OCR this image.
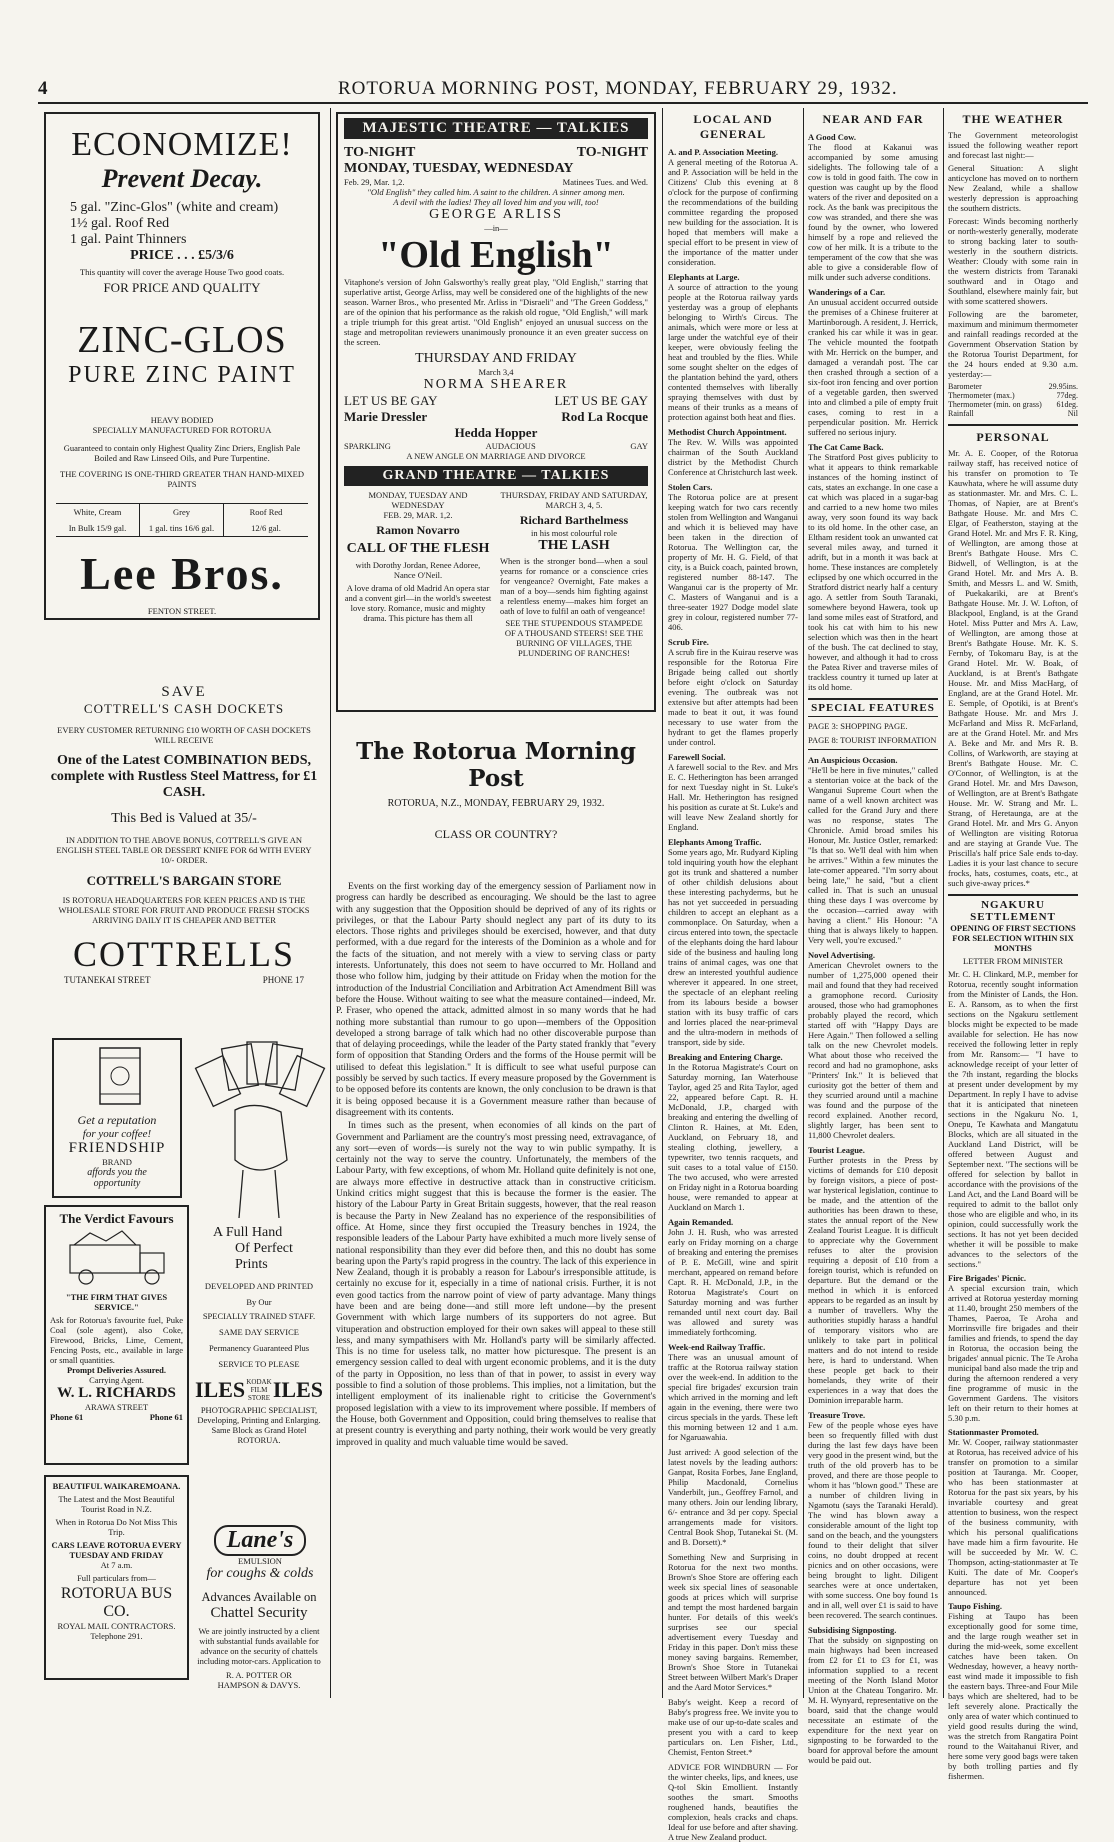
4	ROTORUA MORNING POST, MONDAY, FEBRUARY 29, 1932.
ECONOMIZE!
Prevent Decay.
5 gal. "Zinc-Glos" (white and cream)
1½ gal. Roof Red
1 gal. Paint Thinners
PRICE . . . £5/3/6
This quantity will cover the average House Two good coats.
FOR PRICE AND QUALITY
ZINC-GLOS
PURE ZINC PAINT
HEAVY BODIED
SPECIALLY MANUFACTURED FOR ROTORUA
Guaranteed to contain only Highest Quality Zinc Driers, English Pale Boiled and Raw Linseed Oils, and Pure Turpentine.
THE COVERING IS ONE-THIRD GREATER THAN HAND-MIXED PAINTS
White, Cream	Grey	Roof Red
In Bulk 15/9 gal.	1 gal. tins 16/6 gal.	12/6 gal.
Lee Bros.
FENTON STREET.
SAVE
COTTRELL'S CASH DOCKETS
EVERY CUSTOMER RETURNING £10 WORTH OF CASH DOCKETS WILL RECEIVE
One of the Latest COMBINATION BEDS, complete with Rustless Steel Mattress, for £1 CASH.
This Bed is Valued at 35/-
IN ADDITION TO THE ABOVE BONUS, COTTRELL'S GIVE AN ENGLISH STEEL TABLE OR DESSERT KNIFE FOR 6d WITH EVERY 10/- ORDER.
COTTRELL'S BARGAIN STORE
IS ROTORUA HEADQUARTERS FOR KEEN PRICES AND IS THE WHOLESALE STORE FOR FRUIT AND PRODUCE FRESH STOCKS ARRIVING DAILY IT IS CHEAPER AND BETTER
COTTRELLS
TUTANEKAI STREET	PHONE 17
Get a reputation
for your coffee!
FRIENDSHIP
BRAND
affords you the
opportunity
A Full Hand
Of Perfect Prints
DEVELOPED AND PRINTED
By Our
SPECIALLY TRAINED STAFF.
SAME DAY SERVICE
Permanency Guaranteed Plus
SERVICE TO PLEASE
ILES KODAK FILM STORE ILES
PHOTOGRAPHIC SPECIALIST,
Developing, Printing and Enlarging.
Same Block as Grand Hotel
ROTORUA.
The Verdict Favours
"THE FIRM THAT GIVES SERVICE."
Ask for Rotorua's favourite fuel, Puke Coal (sole agent), also Coke, Firewood, Bricks, Lime, Cement, Fencing Posts, etc., available in large or small quantities.
Prompt Deliveries Assured.
Carrying Agent.
W. L. RICHARDS
ARAWA STREET
Phone 61	Phone 61
BEAUTIFUL WAIKAREMOANA.
The Latest and the Most Beautiful Tourist Road in N.Z.
When in Rotorua Do Not Miss This Trip.
CARS LEAVE ROTORUA EVERY TUESDAY AND FRIDAY
At 7 a.m.
Full particulars from—
ROTORUA BUS CO.
ROYAL MAIL CONTRACTORS.
Telephone 291.
Lane's
EMULSION
for coughs & colds
Advances Available on
Chattel Security
We are jointly instructed by a client with substantial funds available for advance on the security of chattels including motor-cars. Application to
R. A. POTTER OR
HAMPSON & DAVYS.
MAJESTIC THEATRE — TALKIES
TO-NIGHT	TO-NIGHT
MONDAY, TUESDAY, WEDNESDAY
Feb. 29, Mar. 1,2.	Matinees Tues. and Wed.
"Old English" they called him. A saint to the children. A sinner among men. A devil with the ladies! They all loved him and you will, too!
GEORGE ARLISS
—in—
"Old English"
Vitaphone's version of John Galsworthy's really great play, "Old English," starring that superlative artist, George Arliss, may well be considered one of the highlights of the new season. Warner Bros., who presented Mr. Arliss in "Disraeli" and "The Green Goddess," are of the opinion that his performance as the rakish old rogue, "Old English," will mark a triple triumph for this great artist. "Old English" enjoyed an unusual success on the stage and metropolitan reviewers unanimously pronounce it an even greater success on the screen.
THURSDAY AND FRIDAY
March 3,4
NORMA SHEARER
LET US BE GAY	LET US BE GAY
Marie Dressler	Rod La Rocque
Hedda Hopper
SPARKLING	AUDACIOUS	GAY
A NEW ANGLE ON MARRIAGE AND DIVORCE
GRAND THEATRE — TALKIES
MONDAY, TUESDAY AND WEDNESDAY
FEB. 29, MAR. 1,2.
Ramon Novarro
CALL OF THE FLESH
with Dorothy Jordan, Renee Adoree, Nance O'Neil.
A love drama of old Madrid An opera star and a convent girl—in the world's sweetest love story. Romance, music and mighty drama. This picture has them all
THURSDAY, FRIDAY AND SATURDAY,
MARCH 3, 4, 5.
Richard Barthelmess
in his most colourful role
THE LASH
When is the stronger bond—when a soul yearns for romance or a conscience cries for vengeance? Overnight, Fate makes a man of a boy—sends him fighting against a relentless enemy—makes him forget an oath of love to fulfil an oath of vengeance!
SEE THE STUPENDOUS STAMPEDE OF A THOUSAND STEERS! SEE THE BURNING OF VILLAGES, THE PLUNDERING OF RANCHES!
The Rotorua Morning Post
ROTORUA, N.Z., MONDAY, FEBRUARY 29, 1932.
CLASS OR COUNTRY?

Events on the first working day of the emergency session of Parliament now in progress can hardly be described as encouraging. We should be the last to agree with any suggestion that the Opposition should be deprived of any of its rights or privileges, or that the Labour Party should neglect any part of its duty to its electors. Those rights and privileges should be exercised, however, and that duty performed, with a due regard for the interests of the Dominion as a whole and for the facts of the situation, and not merely with a view to serving class or party interests. Unfortunately, this does not seem to have occurred to Mr. Holland and those who follow him, judging by their attitude on Friday when the motion for the introduction of the Industrial Conciliation and Arbitration Act Amendment Bill was before the House. Without waiting to see what the measure contained—indeed, Mr. P. Fraser, who opened the attack, admitted almost in so many words that he had nothing more substantial than rumour to go upon—members of the Opposition developed a strong barrage of talk which had no other discoverable purpose than that of delaying proceedings, while the leader of the Party stated frankly that "every form of opposition that Standing Orders and the forms of the House permit will be utilised to defeat this legislation." It is difficult to see what useful purpose can possibly be served by such tactics. If every measure proposed by the Government is to be opposed before its contents are known, the only conclusion to be drawn is that it is being opposed because it is a Government measure rather than because of disagreement with its contents.

In times such as the present, when economies of all kinds on the part of Government and Parliament are the country's most pressing need, extravagance, of any sort—even of words—is surely not the way to win public sympathy. It is certainly not the way to serve the country. Unfortunately, the members of the Labour Party, with few exceptions, of whom Mr. Holland quite definitely is not one, are always more effective in destructive attack than in constructive criticism. Unkind critics might suggest that this is because the former is the easier. The history of the Labour Party in Great Britain suggests, however, that the real reason is because the Party in New Zealand has no experience of the responsibilities of office. At Home, since they first occupied the Treasury benches in 1924, the responsible leaders of the Labour Party have exhibited a much more lively sense of national responsibility than they ever did before then, and this no doubt has some bearing upon the Party's rapid progress in the country. The lack of this experience in New Zealand, though it is probably a reason for Labour's irresponsible attitude, is certainly no excuse for it, especially in a time of national crisis. Further, it is not even good tactics from the narrow point of view of party advantage. Many things have been and are being done—and still more left undone—by the present Government with which large numbers of its supporters do not agree. But vituperation and obstruction employed for their own sakes will appeal to these still less, and many sympathisers with Mr. Holland's party will be similarly affected. This is no time for useless talk, no matter how picturesque. The present is an emergency session called to deal with urgent economic problems, and it is the duty of the party in Opposition, no less than of that in power, to assist in every way possible to find a solution of those problems. This implies, not a limitation, but the intelligent employment of its inalienable right to criticise the Government's proposed legislation with a view to its improvement where possible. If members of the House, both Government and Opposition, could bring themselves to realise that at present country is everything and party nothing, their work would be very greatly improved in quality and much valuable time would be saved.

LOCAL AND GENERAL
A. and P. Association Meeting.
A general meeting of the Rotorua A. and P. Association will be held in the Citizens' Club this evening at 8 o'clock for the purpose of confirming the recommendations of the building committee regarding the proposed new building for the association. It is hoped that members will make a special effort to be present in view of the importance of the matter under consideration.
Elephants at Large.
A source of attraction to the young people at the Rotorua railway yards yesterday was a group of elephants belonging to Wirth's Circus. The animals, which were more or less at large under the watchful eye of their keeper, were obviously feeling the heat and troubled by the flies. While some sought shelter on the edges of the plantation behind the yard, others contented themselves with liberally spraying themselves with dust by means of their trunks as a means of protection against both heat and flies.
Methodist Church Appointment.
The Rev. W. Wills was appointed chairman of the South Auckland district by the Methodist Church Conference at Christchurch last week.
Stolen Cars.
The Rotorua police are at present keeping watch for two cars recently stolen from Wellington and Wanganui and which it is believed may have been taken in the direction of Rotorua. The Wellington car, the property of Mr. H. G. Field, of that city, is a Buick coach, painted brown, registered number 88-147. The Wanganui car is the property of Mr. C. Masters of Wanganui and is a three-seater 1927 Dodge model slate grey in colour, registered number 77-406.
Scrub Fire.
A scrub fire in the Kuirau reserve was responsible for the Rotorua Fire Brigade being called out shortly before eight o'clock on Saturday evening. The outbreak was not extensive but after attempts had been made to beat it out, it was found necessary to use water from the hydrant to get the flames properly under control.
Farewell Social.
A farewell social to the Rev. and Mrs E. C. Hetherington has been arranged for next Tuesday night in St. Luke's Hall. Mr. Hetherington has resigned his position as curate at St. Luke's and will leave New Zealand shortly for England.
Elephants Among Traffic.
Some years ago, Mr. Rudyard Kipling told inquiring youth how the elephant got its trunk and shattered a number of other childish delusions about these interesting pachyderms, but he has not yet succeeded in persuading children to accept an elephant as a commonplace. On Saturday, when a circus entered into town, the spectacle of the elephants doing the hard labour side of the business and hauling long trains of animal cages, was one that drew an interested youthful audience wherever it appeared. In one street, the spectacle of an elephant reeling from its labours beside a bowser station with its busy traffic of cars and lorries placed the near-primeval and the ultra-modern in methods of transport, side by side.
Breaking and Entering Charge.
In the Rotorua Magistrate's Court on Saturday morning, Ian Waterhouse Taylor, aged 25 and Rita Taylor, aged 22, appeared before Capt. R. H. McDonald, J.P., charged with breaking and entering the dwelling of Clinton R. Haines, at Mt. Eden, Auckland, on February 18, and stealing clothing, jewellery, a typewriter, two tennis racquets, and suit cases to a total value of £150. The two accused, who were arrested on Friday night in a Rotorua boarding house, were remanded to appear at Auckland on March 1.
Again Remanded.
John J. H. Rush, who was arrested early on Friday morning on a charge of breaking and entering the premises of P. E. McGill, wine and spirit merchant, appeared on remand before Capt. R. H. McDonald, J.P., in the Rotorua Magistrate's Court on Saturday morning and was further remanded until next court day. Bail was allowed and surety was immediately forthcoming.
Week-end Railway Traffic.
There was an unusual amount of traffic at the Rotorua railway station over the week-end. In addition to the special fire brigades' excursion train which arrived in the morning and left again in the evening, there were two circus specials in the yards. These left this morning between 12 and 1 a.m. for Ngaruawahia.
Just arrived: A good selection of the latest novels by the leading authors: Ganpat, Rosita Forbes, Jane England, Philip Macdonald, Cornelius Vanderbilt, jun., Geoffrey Farnol, and many others. Join our lending library, 6/- entrance and 3d per copy. Special arrangements made for visitors. Central Book Shop, Tutanekai St. (M. and B. Dorsett).*
Something New and Surprising in Rotorua for the next two months. Brown's Shoe Store are offering each week six special lines of seasonable goods at prices which will surprise and tempt the most hardened bargain hunter. For details of this week's surprises see our special advertisement every Tuesday and Friday in this paper. Don't miss these money saving bargains. Remember, Brown's Shoe Store in Tutanekai Street between Wilbert Mark's Draper and the Aard Motor Services.*
Baby's weight. Keep a record of Baby's progress free. We invite you to make use of our up-to-date scales and present you with a card to keep particulars on. Len Fisher, Ltd., Chemist, Fenton Street.*
ADVICE FOR WINDBURN — For the winter cheeks, lips, and knees, use Q-tol Skin Emollient. Instantly soothes the smart. Smooths roughened hands, beautifies the complexion, heals cracks and chaps. Ideal for use before and after shaving. A true New Zealand product.
NEAR AND FAR
A Good Cow.
The flood at Kakanui was accompanied by some amusing sidelights. The following tale of a cow is told in good faith. The cow in question was caught up by the flood waters of the river and deposited on a rock. As the bank was precipitous the cow was stranded, and there she was found by the owner, who lowered himself by a rope and relieved the cow of her milk. It is a tribute to the temperament of the cow that she was able to give a considerable flow of milk under such adverse conditions.
Wanderings of a Car.
An unusual accident occurred outside the premises of a Chinese fruiterer at Martinborough. A resident, J. Herrick, cranked his car while it was in gear. The vehicle mounted the footpath with Mr. Herrick on the bumper, and damaged a verandah post. The car then crashed through a section of a six-foot iron fencing and over portion of a vegetable garden, then swerved into and climbed a pile of empty fruit cases, coming to rest in a perpendicular position. Mr. Herrick suffered no serious injury.
The Cat Came Back.
The Stratford Post gives publicity to what it appears to think remarkable instances of the homing instinct of cats, states an exchange. In one case a cat which was placed in a sugar-bag and carried to a new home two miles away, very soon found its way back to its old home. In the other case, an Eltham resident took an unwanted cat several miles away, and turned it adrift, but in a month it was back at home. These instances are completely eclipsed by one which occurred in the Stratford district nearly half a century ago. A settler from South Taranaki, somewhere beyond Hawera, took up land some miles east of Stratford, and took his cat with him to his new selection which was then in the heart of the bush. The cat declined to stay, however, and although it had to cross the Patea River and traverse miles of trackless country it turned up later at its old home.
SPECIAL FEATURES
PAGE 3: SHOPPING PAGE.
PAGE 8: TOURIST INFORMATION
An Auspicious Occasion.
"He'll be here in five minutes," called a stentorian voice at the back of the Wanganui Supreme Court when the name of a well known architect was called for the Grand Jury and there was no response, states The Chronicle. Amid broad smiles his Honour, Mr. Justice Ostler, remarked: "Is that so. We'll deal with him when he arrives." Within a few minutes the late-comer appeared. "I'm sorry about being late," he said, "but a client called in. That is such an unusual thing these days I was overcome by the occasion—carried away with having a client." His Honour: "A thing that is always likely to happen. Very well, you're excused."
Novel Advertising.
American Chevrolet owners to the number of 1,275,000 opened their mail and found that they had received a gramophone record. Curiosity aroused, those who had gramophones probably played the record, which started off with "Happy Days are Here Again." Then followed a selling talk on the new Chevrolet models. What about those who received the record and had no gramophone, asks "Printers' Ink." It is believed that curiosity got the better of them and they scurried around until a machine was found and the purpose of the record explained. Another record, slightly larger, has been sent to 11,800 Chevrolet dealers.
Tourist League.
Further protests in the Press by victims of demands for £10 deposit by foreign visitors, a piece of post-war hysterical legislation, continue to be made, and the attention of the authorities has been drawn to these, states the annual report of the New Zealand Tourist League. It is difficult to appreciate why the Government refuses to alter the provision requiring a deposit of £10 from a foreign tourist, which is refunded on departure. But the demand or the method in which it is enforced appears to be regarded as an insult by a number of travellers. Why the authorities stupidly harass a handful of temporary visitors who are unlikely to take part in political matters and do not intend to reside here, is hard to understand. When these people get back to their homelands, they write of their experiences in a way that does the Dominion irreparable harm.
Treasure Trove.
Few of the people whose eyes have been so frequently filled with dust during the last few days have been very good in the present wind, but the truth of the old proverb has to be proved, and there are those people to whom it has "blown good." These are a number of children living in Ngamotu (says the Taranaki Herald). The wind has blown away a considerable amount of the light top sand on the beach, and the youngsters found to their delight that silver coins, no doubt dropped at recent picnics and on other occasions, were being brought to light. Diligent searches were at once undertaken, with some success. One boy found 1s and in all, well over £1 is said to have been recovered. The search continues.
Subsidising Signposting.
That the subsidy on signposting on main highways had been increased from £2 for £1 to £3 for £1, was information supplied to a recent meeting of the North Island Motor Union at the Chateau Tongariro. Mr. M. H. Wynyard, representative on the board, said that the change would necessitate an estimate of the expenditure for the next year on signposting to be forwarded to the board for approval before the amount would be paid out.
THE WEATHER
The Government meteorologist issued the following weather report and forecast last night:—
General Situation: A slight anticyclone has moved on to northern New Zealand, while a shallow westerly depression is approaching the southern districts.
Forecast: Winds becoming northerly or north-westerly generally, moderate to strong backing later to south-westerly in the southern districts. Weather: Cloudy with some rain in the western districts from Taranaki southward and in Otago and Southland, elsewhere mainly fair, but with some scattered showers.
Following are the barometer, maximum and minimum thermometer and rainfall readings recorded at the Government Observation Station by the Rotorua Tourist Department, for the 24 hours ended at 9.30 a.m. yesterday:—
Barometer	29.95ins.
Thermometer (max.)	77deg.
Thermometer (min. on grass) 61deg.
Rainfall	Nil
PERSONAL
Mr. A. E. Cooper, of the Rotorua railway staff, has received notice of his transfer on promotion to Te Kauwhata, where he will assume duty as stationmaster. Mr. and Mrs. C. L. Thomas, of Napier, are at Brent's Bathgate House. Mr. and Mrs C. Elgar, of Featherston, staying at the Grand Hotel. Mr. and Mrs F. R. King, of Wellington, are among those at Brent's Bathgate House. Mrs C. Bidwell, of Wellington, is at the Grand Hotel. Mr. and Mrs A. B. Smith, and Messrs L. and W. Smith, of Puekakariki, are at Brent's Bathgate House. Mr. J. W. Lofton, of Blackpool, England, is at the Grand Hotel. Miss Putter and Mrs A. Law, of Wellington, are among those at Brent's Bathgate House. Mr. K. S. Fernby, of Tokomaru Bay, is at the Grand Hotel. Mr. W. Boak, of Auckland, is at Brent's Bathgate House. Mr. and Miss MacHarg, of England, are at the Grand Hotel. Mr. E. Semple, of Opotiki, is at Brent's Bathgate House. Mr. and Mrs J. McFarland and Miss R. McFarland, are at the Grand Hotel. Mr. and Mrs A. Beke and Mr. and Mrs R. B. Collins, of Warkworth, are staying at Brent's Bathgate House. Mr. C. O'Connor, of Wellington, is at the Grand Hotel. Mr. and Mrs Dawson, of Wellington, are at Brent's Bathgate House. Mr. W. Strang and Mr. L. Strang, of Heretaunga, are at the Grand Hotel. Mr. and Mrs G. Anyon of Wellington are visiting Rotorua and are staying at Grande Vue. The Priscilla's half price Sale ends to-day. Ladies it is your last chance to secure frocks, hats, costumes, coats, etc., at such give-away prices.*
NGAKURU SETTLEMENT
OPENING OF FIRST SECTIONS FOR SELECTION WITHIN SIX MONTHS
LETTER FROM MINISTER
Mr. C. H. Clinkard, M.P., member for Rotorua, recently sought information from the Minister of Lands, the Hon. E. A. Ransom, as to when the first sections on the Ngakuru settlement blocks might be expected to be made available for selection. He has now received the following letter in reply from Mr. Ransom:— "I have to acknowledge receipt of your letter of the 7th instant, regarding the blocks at present under development by my Department. In reply I have to advise that it is anticipated that nineteen sections in the Ngakuru No. 1, Onepu, Te Kawhata and Mangatutu Blocks, which are all situated in the Auckland Land District, will be offered between August and September next. "The sections will be offered for selection by ballot in accordance with the provisions of the Land Act, and the Land Board will be required to admit to the ballot only those who are eligible and who, in its opinion, could successfully work the sections. It has not yet been decided whether it will be possible to make advances to the selectors of the sections."
Fire Brigades' Picnic.
A special excursion train, which arrived at Rotorua yesterday morning at 11.40, brought 250 members of the Thames, Paeroa, Te Aroha and Morrinsville fire brigades and their families and friends, to spend the day in Rotorua, the occasion being the brigades' annual picnic. The Te Aroha municipal band also made the trip and during the afternoon rendered a very fine programme of music in the Government Gardens. The visitors left on their return to their homes at 5.30 p.m.
Stationmaster Promoted.
Mr. W. Cooper, railway stationmaster at Rotorua, has received advice of his transfer on promotion to a similar position at Tauranga. Mr. Cooper, who has been stationmaster at Rotorua for the past six years, by his invariable courtesy and great attention to business, won the respect of the business community, with which his personal qualifications have made him a firm favourite. He will be succeeded by Mr. W. C. Thompson, acting-stationmaster at Te Kuiti. The date of Mr. Cooper's departure has not yet been announced.
Taupo Fishing.
Fishing at Taupo has been exceptionally good for some time, and the large rough weather set in during the mid-week, some excellent catches have been taken. On Wednesday, however, a heavy north-east wind made it impossible to fish the eastern bays. Three-and Four Mile bays which are sheltered, had to be left severely alone. Practically the only area of water which continued to yield good results during the wind, was the stretch from Rangatira Point round to the Waitahanui River, and here some very good bags were taken by both trolling parties and fly fishermen.
